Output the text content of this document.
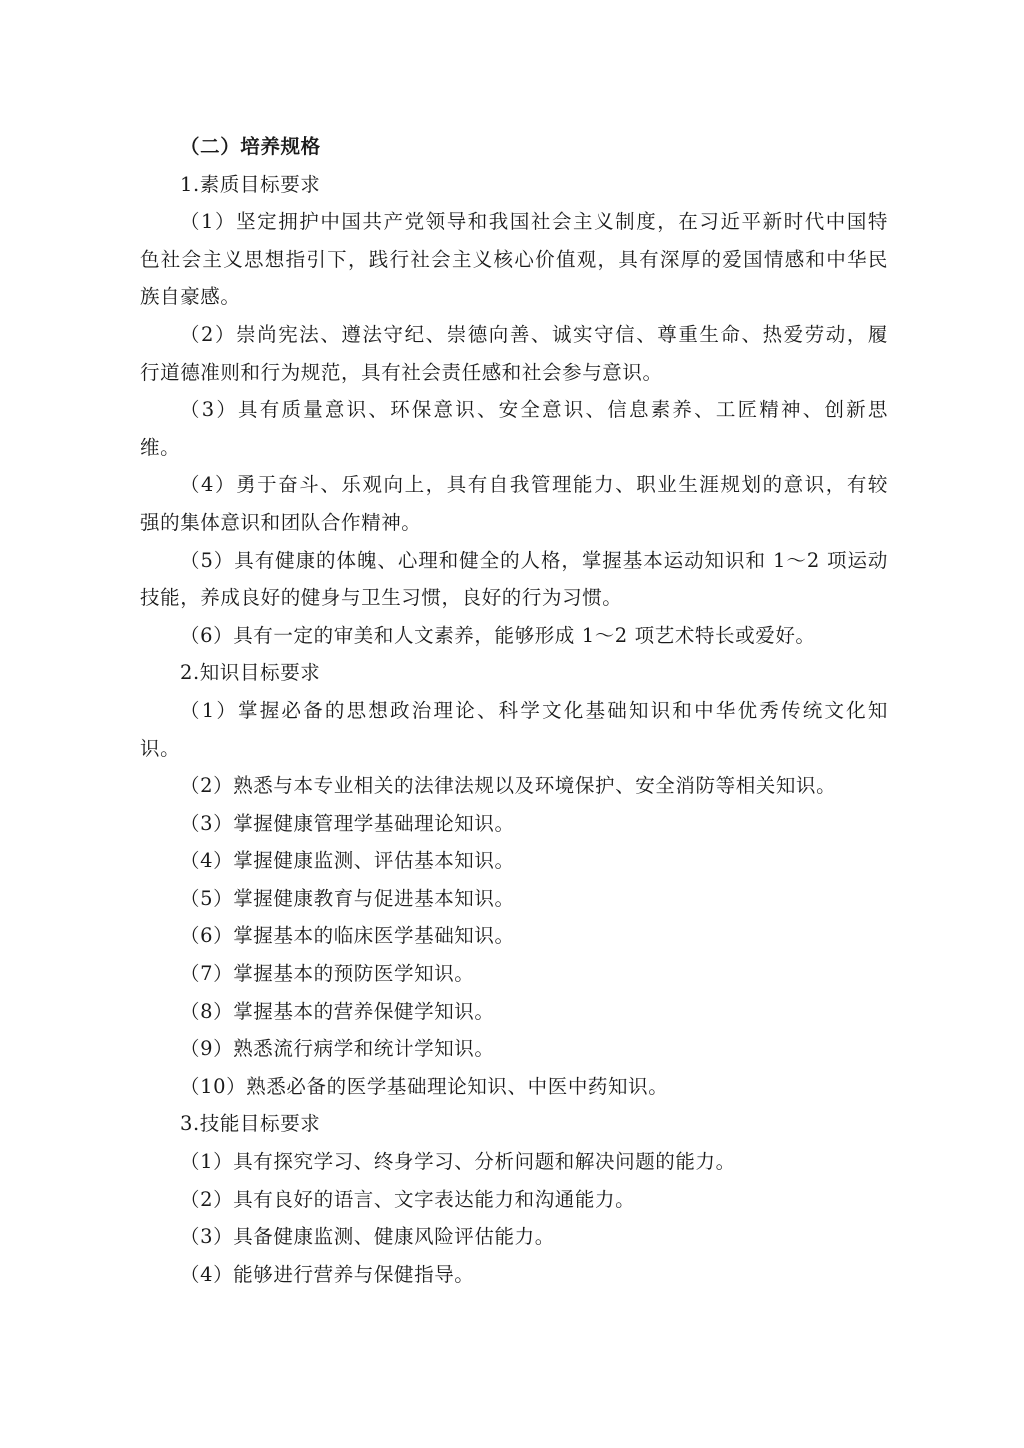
（二）培养规格
1.素质目标要求
（1）坚定拥护中国共产党领导和我国社会主义制度，在习近平新时代中国特
色社会主义思想指引下，践行社会主义核心价值观，具有深厚的爱国情感和中华民
族自豪感。
（2）崇尚宪法、遵法守纪、崇德向善、诚实守信、尊重生命、热爱劳动，履
行道德准则和行为规范，具有社会责任感和社会参与意识。
（3）具有质量意识、环保意识、安全意识、信息素养、工匠精神、创新思
维。
（4）勇于奋斗、乐观向上，具有自我管理能力、职业生涯规划的意识，有较
强的集体意识和团队合作精神。
（5）具有健康的体魄、心理和健全的人格，掌握基本运动知识和 1～2 项运动
技能，养成良好的健身与卫生习惯，良好的行为习惯。
（6）具有一定的审美和人文素养，能够形成 1～2 项艺术特长或爱好。
2.知识目标要求
（1）掌握必备的思想政治理论、科学文化基础知识和中华优秀传统文化知
识。
（2）熟悉与本专业相关的法律法规以及环境保护、安全消防等相关知识。
（3）掌握健康管理学基础理论知识。
（4）掌握健康监测、评估基本知识。
（5）掌握健康教育与促进基本知识。
（6）掌握基本的临床医学基础知识。
（7）掌握基本的预防医学知识。
（8）掌握基本的营养保健学知识。
（9）熟悉流行病学和统计学知识。
（10）熟悉必备的医学基础理论知识、中医中药知识。
3.技能目标要求
（1）具有探究学习、终身学习、分析问题和解决问题的能力。
（2）具有良好的语言、文字表达能力和沟通能力。
（3）具备健康监测、健康风险评估能力。
（4）能够进行营养与保健指导。
